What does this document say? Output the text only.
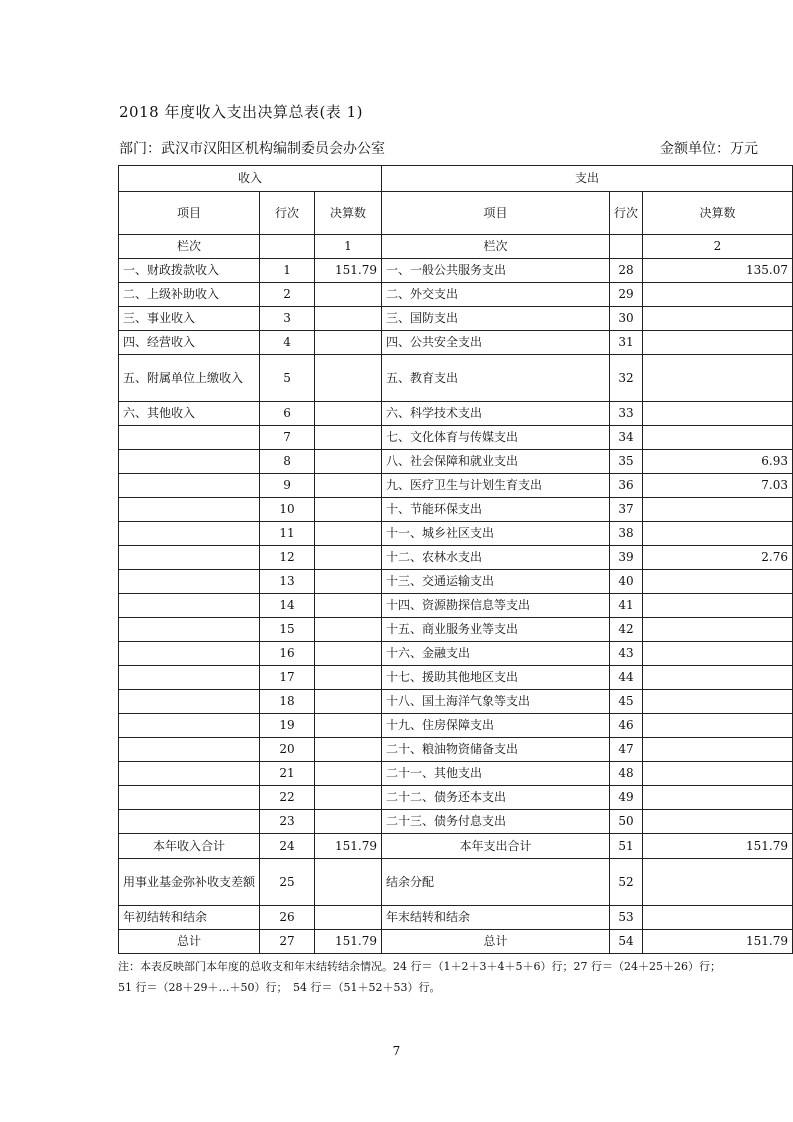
2018 年度收入支出决算总表(表 1)
部门：武汉市汉阳区机构编制委员会办公室	金额单位：万元
收入			支出		
项目	行次	决算数	项目	行次	决算数
栏次		1	栏次		2
一、财政拨款收入	1	151.79	一、一般公共服务支出	28	135.07
二、上级补助收入	2		二、外交支出	29	
三、事业收入	3		三、国防支出	30	
四、经营收入	4		四、公共安全支出	31	
五、附属单位上缴收入	5		五、教育支出	32	
六、其他收入	6		六、科学技术支出	33	
	7		七、文化体育与传媒支出	34	
	8		八、社会保障和就业支出	35	6.93
	9		九、医疗卫生与计划生育支出	36	7.03
	10		十、节能环保支出	37	
	11		十一、城乡社区支出	38	
	12		十二、农林水支出	39	2.76
	13		十三、交通运输支出	40	
	14		十四、资源勘探信息等支出	41	
	15		十五、商业服务业等支出	42	
	16		十六、金融支出	43	
	17		十七、援助其他地区支出	44	
	18		十八、国土海洋气象等支出	45	
	19		十九、住房保障支出	46	
	20		二十、粮油物资储备支出	47	
	21		二十一、其他支出	48	
	22		二十二、债务还本支出	49	
	23		二十三、债务付息支出	50	
本年收入合计	24	151.79	本年支出合计	51	151.79
用事业基金弥补收支差额	25		结余分配	52	
年初结转和结余	26		年末结转和结余	53	
总计	27	151.79	总计	54	151.79
注：本表反映部门本年度的总收支和年末结转结余情况。24 行＝（1＋2＋3＋4＋5＋6）行；27 行＝（24＋25＋26）行；
51 行＝（28＋29＋…＋50）行；　54 行＝（51＋52＋53）行。
7
